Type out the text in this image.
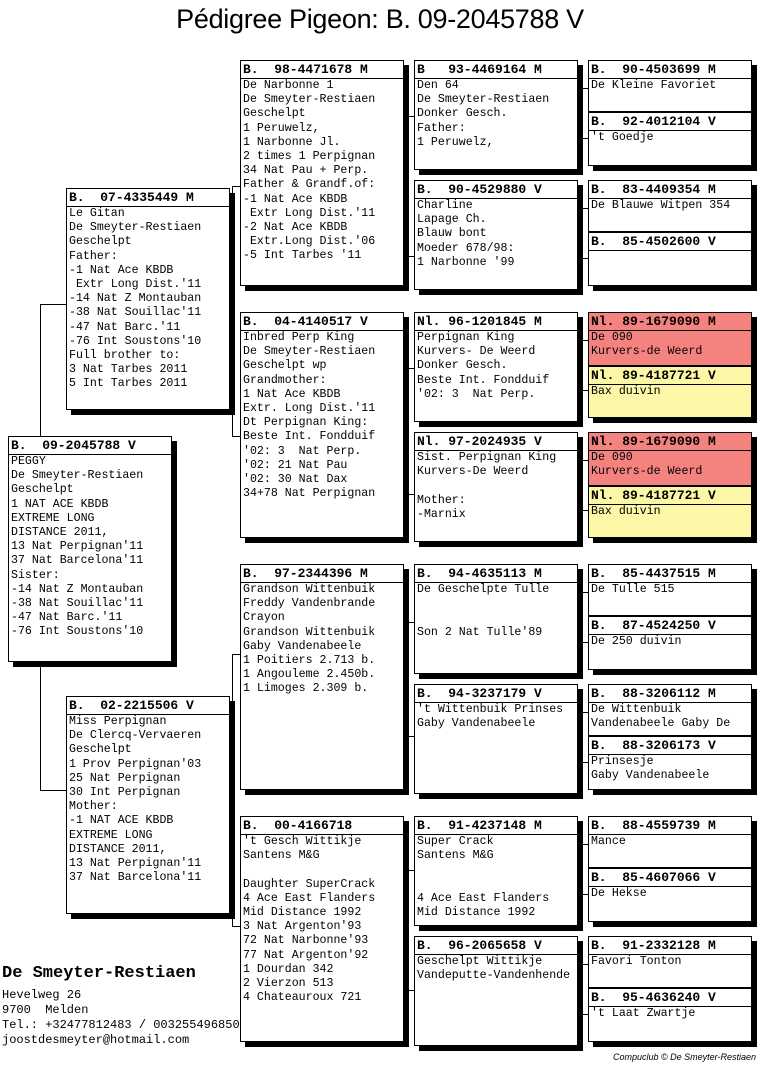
Pédigree Pigeon: B. 09-2045788 V
B.  09-2045788 V
PEGGY
De Smeyter-Restiaen
Geschelpt
1 NAT ACE KBDB
EXTREME LONG
DISTANCE 2011,
13 Nat Perpignan'11
37 Nat Barcelona'11
Sister:
-14 Nat Z Montauban
-38 Nat Souillac'11
-47 Nat Barc.'11
-76 Int Soustons'10
B.  07-4335449 M
Le Gitan
De Smeyter-Restiaen
Geschelpt
Father:
-1 Nat Ace KBDB
Extr Long Dist.'11
-14 Nat Z Montauban
-38 Nat Souillac'11
-47 Nat Barc.'11
-76 Int Soustons'10
Full brother to:
3 Nat Tarbes 2011
5 Int Tarbes 2011
B.  02-2215506 V
Miss Perpignan
De Clercq-Vervaeren
Geschelpt
1 Prov Perpignan'03
25 Nat Perpignan
30 Int Perpignan
Mother:
-1 NAT ACE KBDB
EXTREME LONG
DISTANCE 2011,
13 Nat Perpignan'11
37 Nat Barcelona'11
B.  98-4471678 M
De Narbonne 1
De Smeyter-Restiaen
Geschelpt
1 Peruwelz,
1 Narbonne Jl.
2 times 1 Perpignan
34 Nat Pau + Perp.
Father & Grandf.of:
-1 Nat Ace KBDB
Extr Long Dist.'11
-2 Nat Ace KBDB
Extr.Long Dist.'06
-5 Int Tarbes '11
B.  04-4140517 V
Inbred Perp King
De Smeyter-Restiaen
Geschelpt wp
Grandmother:
1 Nat Ace KBDB
Extr. Long Dist.'11
Dt Perpignan King:
Beste Int. Fondduif
'02: 3  Nat Perp.
'02: 21 Nat Pau
'02: 30 Nat Dax
34+78 Nat Perpignan
B.  97-2344396 M
Grandson Wittenbuik
Freddy Vandenbrande
Crayon
Grandson Wittenbuik
Gaby Vandenabeele
1 Poitiers 2.713 b.
1 Angouleme 2.450b.
1 Limoges 2.309 b.
B.  00-4166718
't Gesch Wittikje
Santens M&G

Daughter SuperCrack
4 Ace East Flanders
Mid Distance 1992
3 Nat Argenton'93
72 Nat Narbonne'93
77 Nat Argenton'92
1 Dourdan 342
2 Vierzon 513
4 Chateauroux 721
B   93-4469164 M
Den 64
De Smeyter-Restiaen
Donker Gesch.
Father:
1 Peruwelz,
B.  90-4529880 V
Charline
Lapage Ch.
Blauw bont
Moeder 678/98:
1 Narbonne '99
Nl. 96-1201845 M
Perpignan King
Kurvers- De Weerd
Donker Gesch.
Beste Int. Fondduif
'02: 3  Nat Perp.
Nl. 97-2024935 V
Sist. Perpignan King
Kurvers-De Weerd

Mother:
-Marnix
B.  94-4635113 M
De Geschelpte Tulle

Son 2 Nat Tulle'89
B.  94-3237179 V
't Wittenbuik Prinses
Gaby Vandenabeele
B.  91-4237148 M
Super Crack
Santens M&G

4 Ace East Flanders
Mid Distance 1992
B.  96-2065658 V
Geschelpt Wittikje
Vandeputte-Vandenhende
B.  90-4503699 M
De Kleine Favoriet
B.  92-4012104 V
't Goedje
B.  83-4409354 M
De Blauwe Witpen 354
B.  85-4502600 V
Nl. 89-1679090 M
De 090
Kurvers-de Weerd
Nl. 89-4187721 V
Bax duivin
Nl. 89-1679090 M
De 090
Kurvers-de Weerd
Nl. 89-4187721 V
Bax duivin
B.  85-4437515 M
De Tulle 515
B.  87-4524250 V
De 250 duivin
B.  88-3206112 M
De Wittenbuik
Vandenabeele Gaby De
B.  88-3206173 V
Prinsesje
Gaby Vandenabeele
B.  88-4559739 M
Mance
B.  85-4607066 V
De Hekse
B.  91-2332128 M
Favori Tonton
B.  95-4636240 V
't Laat Zwartje
De Smeyter-Restiaen
Hevelweg 26
9700  Melden
Tel.: +32477812483 / 003255496850
joostdesmeyter@hotmail.com
Compuclub © De Smeyter-Restiaen
